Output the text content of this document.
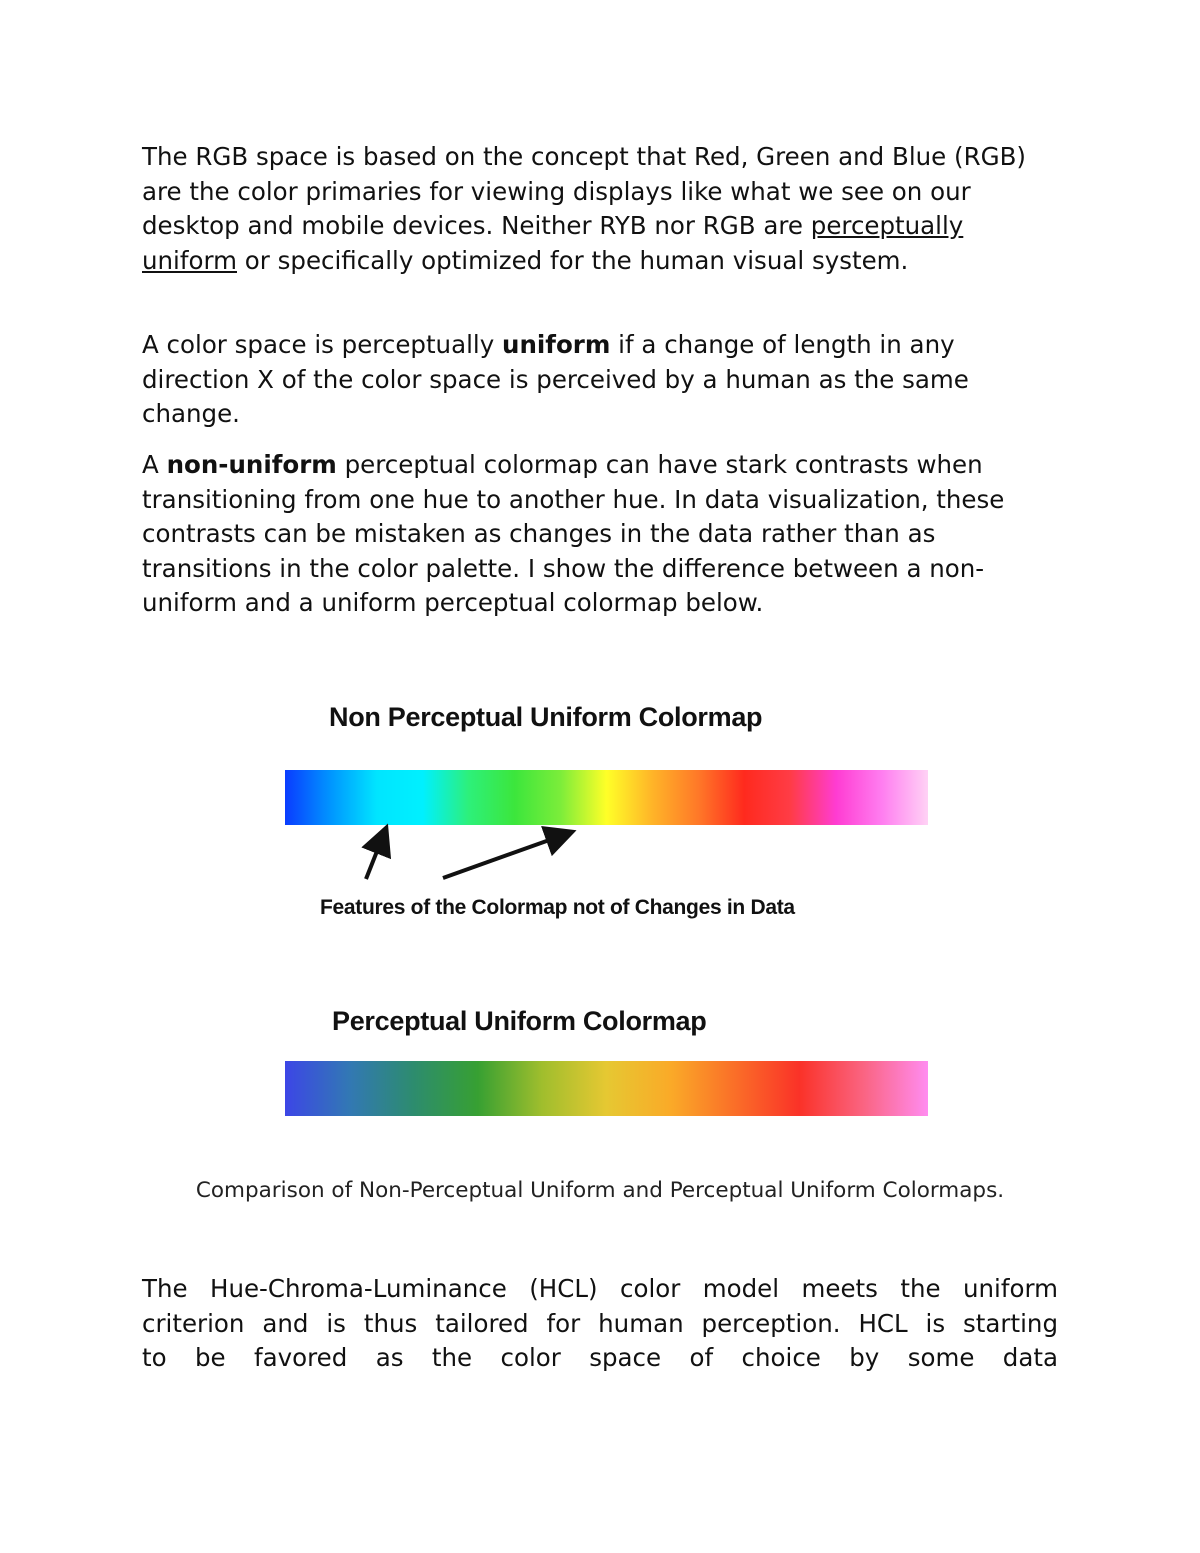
The RGB space is based on the concept that Red, Green and Blue (RGB) are the color primaries for viewing displays like what we see on our desktop and mobile devices. Neither RYB nor RGB are perceptually uniform or specifically optimized for the human visual system.

A color space is perceptually uniform if a change of length in any direction X of the color space is perceived by a human as the same change.

A non-uniform perceptual colormap can have stark contrasts when transitioning from one hue to another hue. In data visualization, these contrasts can be mistaken as changes in the data rather than as transitions in the color palette. I show the difference between a non-uniform and a uniform perceptual colormap below.

Non Perceptual Uniform Colormap
Features of the Colormap not of Changes in Data
Perceptual Uniform Colormap
Comparison of Non-Perceptual Uniform and Perceptual Uniform Colormaps.

The Hue-Chroma-Luminance (HCL) color model meets the uniform
criterion and is thus tailored for human perception. HCL is starting
to be favored as the color space of choice by some data
